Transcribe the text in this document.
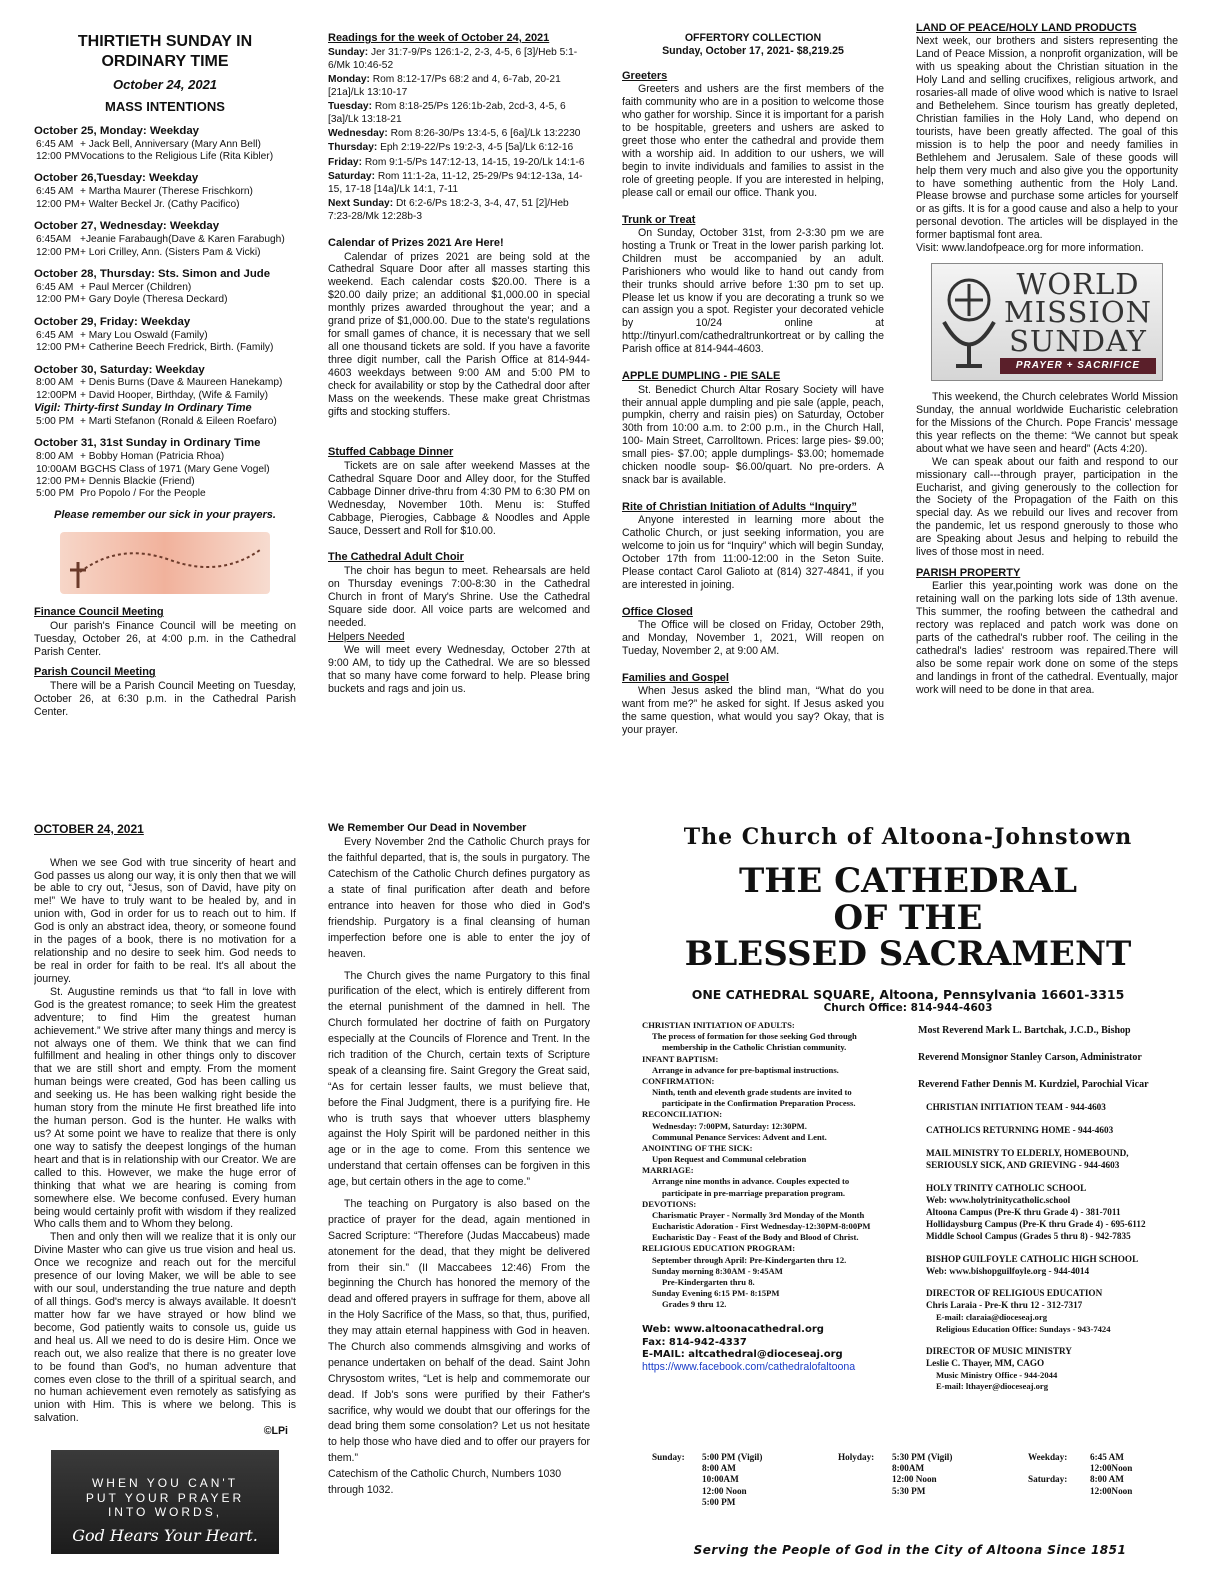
THIRTIETH SUNDAY IN ORDINARY TIME
October 24, 2021
MASS INTENTIONS
October 25, Monday: Weekday
6:45 AM + Jack Bell, Anniversary (Mary Ann Bell)
12:00 PM Vocations to the Religious Life (Rita Kibler)
October 26,Tuesday: Weekday
6:45 AM + Martha Maurer (Therese Frischkorn)
12:00 PM + Walter Beckel Jr. (Cathy Pacifico)
October 27, Wednesday: Weekday
6:45AM +Jeanie Farabaugh(Dave & Karen Farabugh)
12:00 PM + Lori Crilley, Ann. (Sisters Pam & Vicki)
October 28, Thursday: Sts. Simon and Jude
6:45 AM + Paul Mercer (Children)
12:00 PM + Gary Doyle (Theresa Deckard)
October 29, Friday: Weekday
6:45 AM + Mary Lou Oswald (Family)
12:00 PM + Catherine Beech Fredrick, Birth. (Family)
October 30, Saturday: Weekday
8:00 AM + Denis Burns (Dave & Maureen Hanekamp)
12:00PM + David Hooper, Birthday, (Wife & Family)
Vigil: Thirty-first Sunday In Ordinary Time
5:00 PM + Marti Stefanon (Ronald & Eileen Roefaro)
October 31, 31st Sunday in Ordinary Time
8:00 AM + Bobby Homan (Patricia Rhoa)
10:00AM BGCHS Class of 1971 (Mary Gene Vogel)
12:00 PM + Dennis Blackie (Friend)
5:00 PM Pro Popolo / For the People
Please remember our sick in your prayers.
Finance Council Meeting

Our parish's Finance Council will be meeting on Tuesday, October 26, at 4:00 p.m. in the Cathedral Parish Center.

Parish Council Meeting

There will be a Parish Council Meeting on Tuesday, October 26, at 6:30 p.m. in the Cathedral Parish Center.

Readings for the week of October 24, 2021
Sunday: Jer 31:7-9/Ps 126:1-2, 2-3, 4-5, 6 [3]/Heb 5:1-6/Mk 10:46-52
Monday: Rom 8:12-17/Ps 68:2 and 4, 6-7ab, 20-21 [21a]/Lk 13:10-17
Tuesday: Rom 8:18-25/Ps 126:1b-2ab, 2cd-3, 4-5, 6 [3a]/Lk 13:18-21
Wednesday: Rom 8:26-30/Ps 13:4-5, 6 [6a]/Lk 13:2230
Thursday: Eph 2:19-22/Ps 19:2-3, 4-5 [5a]/Lk 6:12-16
Friday: Rom 9:1-5/Ps 147:12-13, 14-15, 19-20/Lk 14:1-6
Saturday: Rom 11:1-2a, 11-12, 25-29/Ps 94:12-13a, 14-15, 17-18 [14a]/Lk 14:1, 7-11
Next Sunday: Dt 6:2-6/Ps 18:2-3, 3-4, 47, 51 [2]/Heb 7:23-28/Mk 12:28b-3
Calendar of Prizes 2021 Are Here!

Calendar of prizes 2021 are being sold at the Cathedral Square Door after all masses starting this weekend. Each calendar costs $20.00. There is a $20.00 daily prize; an additional $1,000.00 in special monthly prizes awarded throughout the year; and a grand prize of $1,000.00. Due to the state's regulations for small games of chance, it is necessary that we sell all one thousand tickets are sold. If you have a favorite three digit number, call the Parish Office at 814-944-4603 weekdays between 9:00 AM and 5:00 PM to check for availability or stop by the Cathedral door after Mass on the weekends. These make great Christmas gifts and stocking stuffers.

Stuffed Cabbage Dinner

Tickets are on sale after weekend Masses at the Cathedral Square Door and Alley door, for the Stuffed Cabbage Dinner drive-thru from 4:30 PM to 6:30 PM on Wednesday, November 10th. Menu is: Stuffed Cabbage, Pierogies, Cabbage & Noodles and Apple Sauce, Dessert and Roll for $10.00.

The Cathedral Adult Choir

The choir has begun to meet. Rehearsals are held on Thursday evenings 7:00-8:30 in the Cathedral Church in front of Mary's Shrine. Use the Cathedral Square side door. All voice parts are welcomed and needed.

Helpers Needed

We will meet every Wednesday, October 27th at 9:00 AM, to tidy up the Cathedral. We are so blessed that so many have come forward to help. Please bring buckets and rags and join us.

OFFERTORY COLLECTION
Sunday, October 17, 2021- $8,219.25
Greeters

Greeters and ushers are the first members of the faith community who are in a position to welcome those who gather for worship. Since it is important for a parish to be hospitable, greeters and ushers are asked to greet those who enter the cathedral and provide them with a worship aid. In addition to our ushers, we will begin to invite individuals and families to assist in the role of greeting people. If you are interested in helping, please call or email our office. Thank you.

Trunk or Treat

On Sunday, October 31st, from 2-3:30 pm we are hosting a Trunk or Treat in the lower parish parking lot. Children must be accompanied by an adult. Parishioners who would like to hand out candy from their trunks should arrive before 1:30 pm to set up. Please let us know if you are decorating a trunk so we can assign you a spot. Register your decorated vehicle by 10/24 online at http://tinyurl.com/cathedraltrunkortreat or by calling the Parish office at 814-944-4603.

APPLE DUMPLING - PIE SALE

St. Benedict Church Altar Rosary Society will have their annual apple dumpling and pie sale (apple, peach, pumpkin, cherry and raisin pies) on Saturday, October 30th from 10:00 a.m. to 2:00 p.m., in the Church Hall, 100- Main Street, Carrolltown. Prices: large pies- $9.00; small pies- $7.00; apple dumplings- $3.00; homemade chicken noodle soup- $6.00/quart. No pre-orders. A snack bar is available.

Rite of Christian Initiation of Adults “Inquiry”

Anyone interested in learning more about the Catholic Church, or just seeking information, you are welcome to join us for “Inquiry” which will begin Sunday, October 17th from 11:00-12:00 in the Seton Suite. Please contact Carol Galioto at (814) 327-4841, if you are interested in joining.

Office Closed

The Office will be closed on Friday, October 29th, and Monday, November 1, 2021, Will reopen on Tueday, November 2, at 9:00 AM.

Families and Gospel

When Jesus asked the blind man, “What do you want from me?” he asked for sight. If Jesus asked you the same question, what would you say? Okay, that is your prayer.

LAND OF PEACE/HOLY LAND PRODUCTS

Next week, our brothers and sisters representing the Land of Peace Mission, a nonprofit organization, will be with us speaking about the Christian situation in the Holy Land and selling crucifixes, religious artwork, and rosaries-all made of olive wood which is native to Israel and Bethelehem. Since tourism has greatly depleted, Christian families in the Holy Land, who depend on tourists, have been greatly affected. The goal of this mission is to help the poor and needy families in Bethlehem and Jerusalem. Sale of these goods will help them very much and also give you the opportunity to have something authentic from the Holy Land. Please browse and purchase some articles for yourself or as gifts. It is for a good cause and also a help to your personal devotion. The articles will be displayed in the former baptismal font area.

Visit: www.landofpeace.org for more information.

WORLD
MISSION
SUNDAY
PRAYER + SACRIFICE

This weekend, the Church celebrates World Mission Sunday, the annual worldwide Eucharistic celebration for the Missions of the Church. Pope Francis' message this year reflects on the theme: “We cannot but speak about what we have seen and heard” (Acts 4:20).

We can speak about our faith and respond to our missionary call---through prayer, participation in the Eucharist, and giving generously to the collection for the Society of the Propagation of the Faith on this special day. As we rebuild our lives and recover from the pandemic, let us respond gnerously to those who are Speaking about Jesus and helping to rebuild the lives of those most in need.

PARISH PROPERTY

Earlier this year,pointing work was done on the retaining wall on the parking lots side of 13th avenue. This summer, the roofing between the cathedral and rectory was replaced and patch work was done on parts of the cathedral's rubber roof. The ceiling in the cathedral's ladies' restroom was repaired.There will also be some repair work done on some of the steps and landings in front of the cathedral. Eventually, major work will need to be done in that area.

OCTOBER 24, 2021

When we see God with true sincerity of heart and God passes us along our way, it is only then that we will be able to cry out, “Jesus, son of David, have pity on me!” We have to truly want to be healed by, and in union with, God in order for us to reach out to him. If God is only an abstract idea, theory, or someone found in the pages of a book, there is no motivation for a relationship and no desire to seek him. God needs to be real in order for faith to be real. It's all about the journey.

St. Augustine reminds us that “to fall in love with God is the greatest romance; to seek Him the greatest adventure; to find Him the greatest human achievement.” We strive after many things and mercy is not always one of them. We think that we can find fulfillment and healing in other things only to discover that we are still short and empty. From the moment human beings were created, God has been calling us and seeking us. He has been walking right beside the human story from the minute He first breathed life into the human person. God is the hunter. He walks with us? At some point we have to realize that there is only one way to satisfy the deepest longings of the human heart and that is in relationship with our Creator. We are called to this. However, we make the huge error of thinking that what we are hearing is coming from somewhere else. We become confused. Every human being would certainly profit with wisdom if they realized Who calls them and to Whom they belong.

Then and only then will we realize that it is only our Divine Master who can give us true vision and heal us. Once we recognize and reach out for the merciful presence of our loving Maker, we will be able to see with our soul, understanding the true nature and depth of all things. God's mercy is always available. It doesn't matter how far we have strayed or how blind we become, God patiently waits to console us, guide us and heal us. All we need to do is desire Him. Once we reach out, we also realize that there is no greater love to be found than God's, no human adventure that comes even close to the thrill of a spiritual search, and no human achievement even remotely as satisfying as union with Him. This is where we belong. This is salvation.

©LPi
WHEN YOU CAN'T
PUT YOUR PRAYER
INTO WORDS,
God Hears Your Heart.
We Remember Our Dead in November

Every November 2nd the Catholic Church prays for the faithful departed, that is, the souls in purgatory. The Catechism of the Catholic Church defines purgatory as a state of final purification after death and before entrance into heaven for those who died in God's friendship. Purgatory is a final cleansing of human imperfection before one is able to enter the joy of heaven.

The Church gives the name Purgatory to this final purification of the elect, which is entirely different from the eternal punishment of the damned in hell. The Church formulated her doctrine of faith on Purgatory especially at the Councils of Florence and Trent. In the rich tradition of the Church, certain texts of Scripture speak of a cleansing fire. Saint Gregory the Great said, “As for certain lesser faults, we must believe that, before the Final Judgment, there is a purifying fire. He who is truth says that whoever utters blasphemy against the Holy Spirit will be pardoned neither in this age or in the age to come. From this sentence we understand that certain offenses can be forgiven in this age, but certain others in the age to come.”

The teaching on Purgatory is also based on the practice of prayer for the dead, again mentioned in Sacred Scripture: “Therefore (Judas Maccabeus) made atonement for the dead, that they might be delivered from their sin.” (II Maccabees 12:46) From the beginning the Church has honored the memory of the dead and offered prayers in suffrage for them, above all in the Holy Sacrifice of the Mass, so that, thus, purified, they may attain eternal happiness with God in heaven. The Church also commends almsgiving and works of penance undertaken on behalf of the dead. Saint John Chrysostom writes, “Let is help and commemorate our dead. If Job's sons were purified by their Father's sacrifice, why would we doubt that our offerings for the dead bring them some consolation? Let us not hesitate to help those who have died and to offer our prayers for them.”

Catechism of the Catholic Church, Numbers 1030 through 1032.

The Church of Altoona-Johnstown
THE CATHEDRAL
OF THE
BLESSED SACRAMENT
ONE CATHEDRAL SQUARE, Altoona, Pennsylvania 16601-3315
Church Office: 814-944-4603
CHRISTIAN INITIATION OF ADULTS:
The process of formation for those seeking God through
membership in the Catholic Christian community.
INFANT BAPTISM:
Arrange in advance for pre-baptismal instructions.
CONFIRMATION:
Ninth, tenth and eleventh grade students are invited to
participate in the Confirmation Preparation Process.
RECONCILIATION:
Wednesday: 7:00PM, Saturday: 12:30PM.
Communal Penance Services: Advent and Lent.
ANOINTING OF THE SICK:
Upon Request and Communal celebration
MARRIAGE:
Arrange nine months in advance. Couples expected to
participate in pre-marriage preparation program.
DEVOTIONS:
Charismatic Prayer - Normally 3rd Monday of the Month
Eucharistic Adoration - First Wednesday-12:30PM-8:00PM
Eucharistic Day - Feast of the Body and Blood of Christ.
RELIGIOUS EDUCATION PROGRAM:
September through April: Pre-Kindergarten thru 12.
Sunday morning 8:30AM - 9:45AM
Pre-Kindergarten thru 8.
Sunday Evening 6:15 PM- 8:15PM
Grades 9 thru 12.
Web: www.altoonacathedral.org
Fax: 814-942-4337
E-MAIL: altcathedral@dioceseaj.org
https://www.facebook.com/cathedralofaltoona
Most Reverend Mark L. Bartchak, J.C.D., Bishop
Reverend Monsignor Stanley Carson, Administrator
Reverend Father Dennis M. Kurdziel, Parochial Vicar
CHRISTIAN INITIATION TEAM - 944-4603
CATHOLICS RETURNING HOME - 944-4603
MAIL MINISTRY TO ELDERLY, HOMEBOUND,
SERIOUSLY SICK, AND GRIEVING - 944-4603
HOLY TRINITY CATHOLIC SCHOOL
Web: www.holytrinitycatholic.school
Altoona Campus (Pre-K thru Grade 4) - 381-7011
Hollidaysburg Campus (Pre-K thru Grade 4) - 695-6112
Middle School Campus (Grades 5 thru 8) - 942-7835
BISHOP GUILFOYLE CATHOLIC HIGH SCHOOL
Web: www.bishopguilfoyle.org - 944-4014
DIRECTOR OF RELIGIOUS EDUCATION
Chris Laraia - Pre-K thru 12 - 312-7317
E-mail: claraia@dioceseaj.org
Religious Education Office: Sundays - 943-7424
DIRECTOR OF MUSIC MINISTRY
Leslie C. Thayer, MM, CAGO
Music Ministry Office - 944-2044
E-mail: lthayer@dioceseaj.org
Sunday:	5:00 PM (Vigil)
8:00 AM
10:00AM
12:00 Noon
5:00 PM
Holyday:	5:30 PM (Vigil)
8:00AM
12:00 Noon
5:30 PM
Weekday:	6:45 AM
12:00Noon
Saturday:	8:00 AM
12:00Noon
Serving the People of God in the City of Altoona Since 1851
